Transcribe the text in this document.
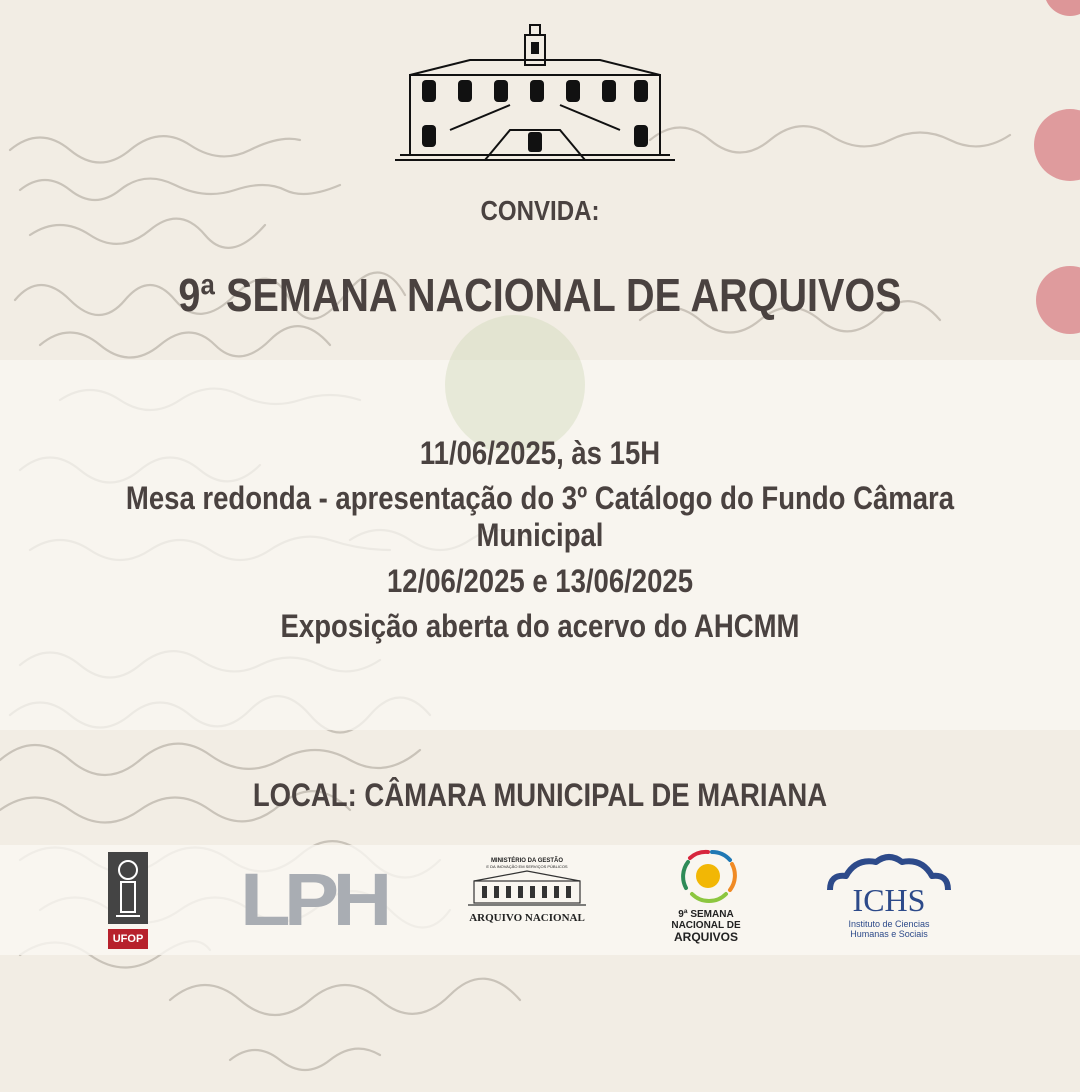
CONVIDA:
9ª SEMANA NACIONAL DE ARQUIVOS
11/06/2025, às 15H
Mesa redonda - apresentação do 3º Catálogo do Fundo Câmara Municipal
12/06/2025 e 13/06/2025
Exposição aberta do acervo do AHCMM
LOCAL: CÂMARA MUNICIPAL DE MARIANA
UFOP LPH	MINISTÉRIO DA GESTÃO
E DA INOVAÇÃO EM SERVIÇOS PÚBLICOS
ARQUIVO NACIONAL	9ª SEMANA
NACIONAL DE
ARQUIVOS
ICHS
Instituto de Ciencias
Humanas e Sociais
